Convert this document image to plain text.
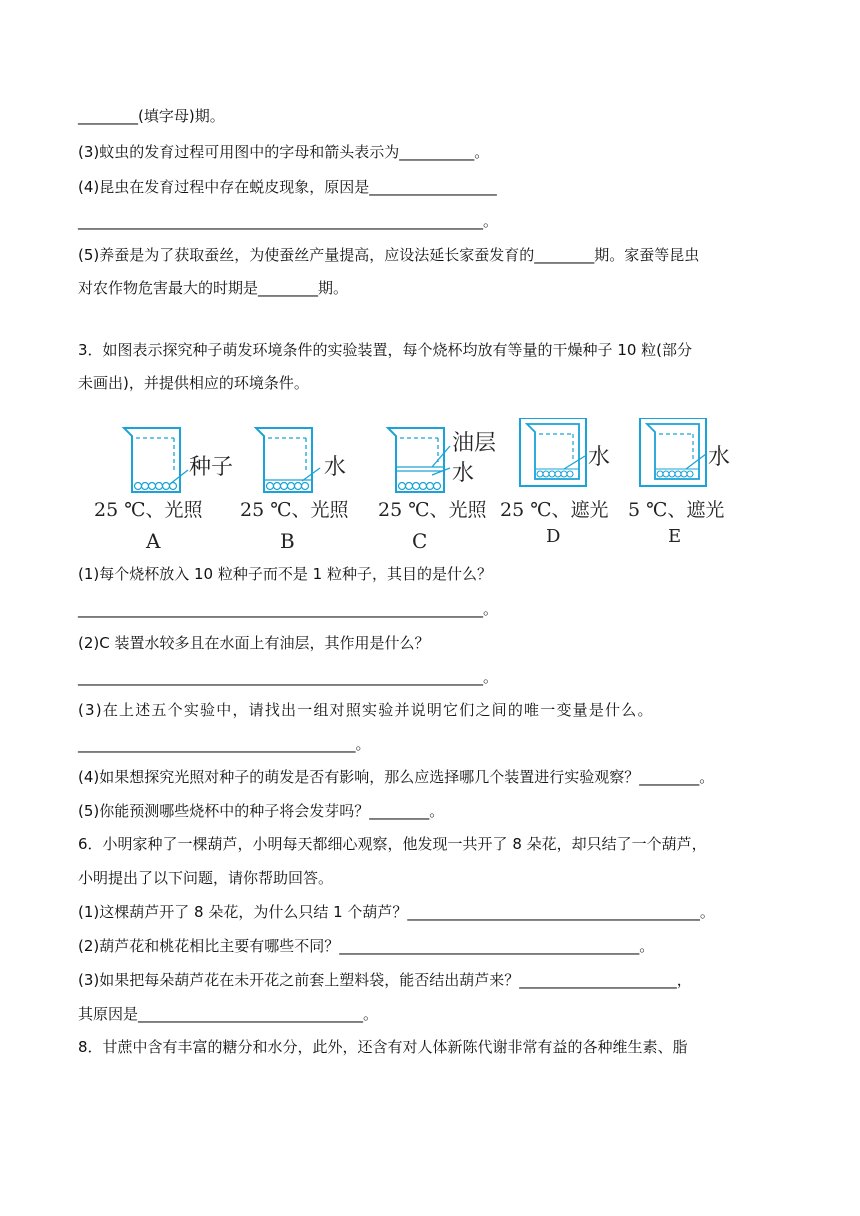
________(填字母)期。
(3)蚊虫的发育过程可用图中的字母和箭头表示为__________。
(4)昆虫在发育过程中存在蜕皮现象，原因是_________________
______________________________________________________。
(5)养蚕是为了获取蚕丝，为使蚕丝产量提高，应设法延长家蚕发育的________期。家蚕等昆虫
对农作物危害最大的时期是________期。
3．如图表示探究种子萌发环境条件的实验装置，每个烧杯均放有等量的干燥种子 10 粒(部分
未画出)，并提供相应的环境条件。
种子	水
油层
水
水	水
25 ℃、光照 25 ℃、光照 25 ℃、光照 25 ℃、遮光 5 ℃、遮光
A	B	C	D	E
(1)每个烧杯放入 10 粒种子而不是 1 粒种子，其目的是什么？
______________________________________________________。
(2)C 装置水较多且在水面上有油层，其作用是什么？
______________________________________________________。
(3)在上述五个实验中，请找出一组对照实验并说明它们之间的唯一变量是什么。
_____________________________________。
(4)如果想探究光照对种子的萌发是否有影响，那么应选择哪几个装置进行实验观察？________。
(5)你能预测哪些烧杯中的种子将会发芽吗？________。
6．小明家种了一棵葫芦，小明每天都细心观察，他发现一共开了 8 朵花，却只结了一个葫芦，
小明提出了以下问题，请你帮助回答。
(1)这棵葫芦开了 8 朵花，为什么只结 1 个葫芦？_______________________________________。
(2)葫芦花和桃花相比主要有哪些不同？________________________________________。
(3)如果把每朵葫芦花在未开花之前套上塑料袋，能否结出葫芦来？_____________________，
其原因是______________________________。
8．甘蔗中含有丰富的糖分和水分，此外，还含有对人体新陈代谢非常有益的各种维生素、脂
